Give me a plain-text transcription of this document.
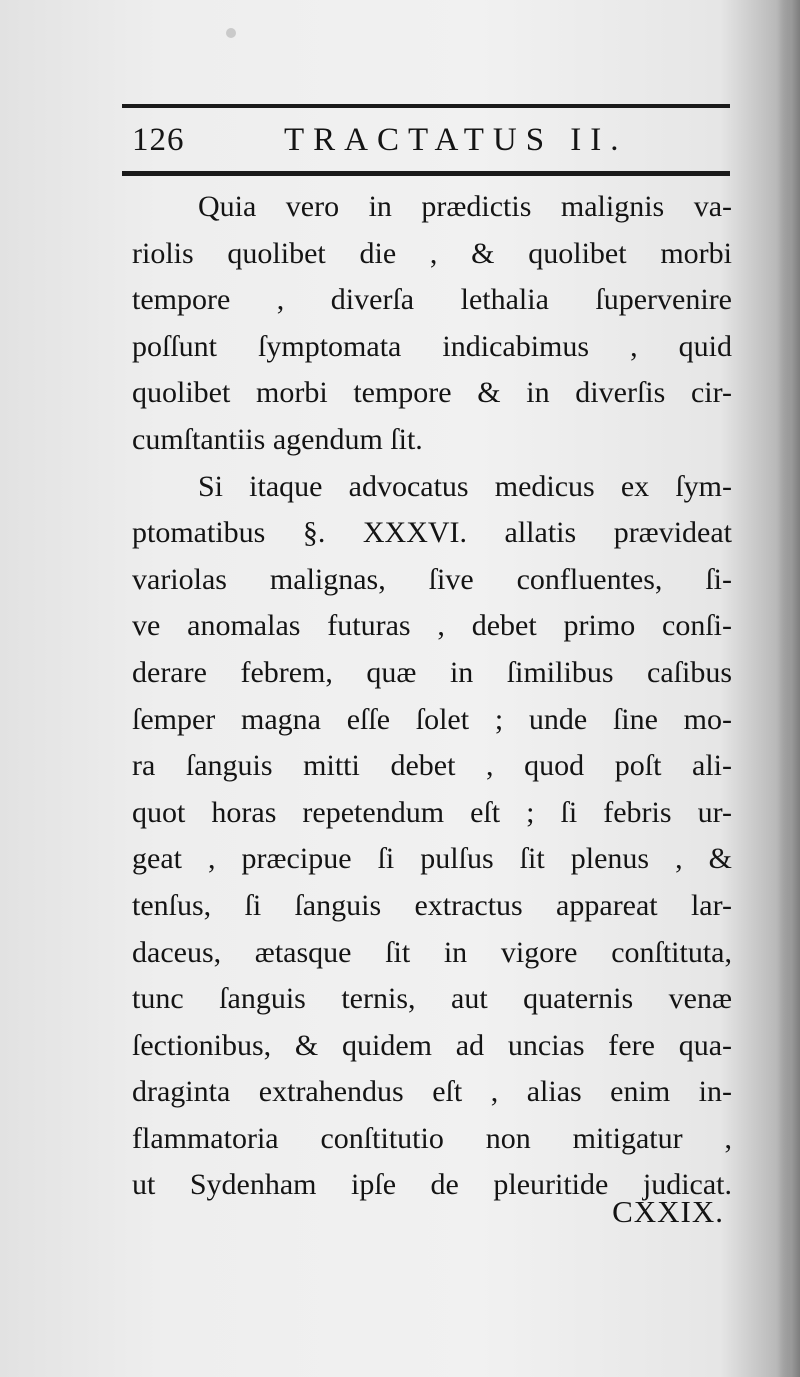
126	TRACTATUS II.
Quia vero in prædictis malignis va-
riolis quolibet die , & quolibet morbi
tempore , diverſa lethalia ſupervenire
poſſunt ſymptomata indicabimus , quid
quolibet morbi tempore & in diverſis cir-
cumſtantiis agendum ſit.
Si itaque advocatus medicus ex ſym-
ptomatibus §. XXXVI. allatis prævideat
variolas malignas, ſive confluentes, ſi-
ve anomalas futuras , debet primo conſi-
derare febrem, quæ in ſimilibus caſibus
ſemper magna eſſe ſolet ; unde ſine mo-
ra ſanguis mitti debet , quod poſt ali-
quot horas repetendum eſt ; ſi febris ur-
geat , præcipue ſi pulſus ſit plenus , &
tenſus, ſi ſanguis extractus appareat lar-
daceus, ætasque ſit in vigore conſtituta,
tunc ſanguis ternis, aut quaternis venæ
ſectionibus, & quidem ad uncias fere qua-
draginta extrahendus eſt , alias enim in-
flammatoria conſtitutio non mitigatur ,
ut Sydenham ipſe de pleuritide judicat.
CXXIX.
